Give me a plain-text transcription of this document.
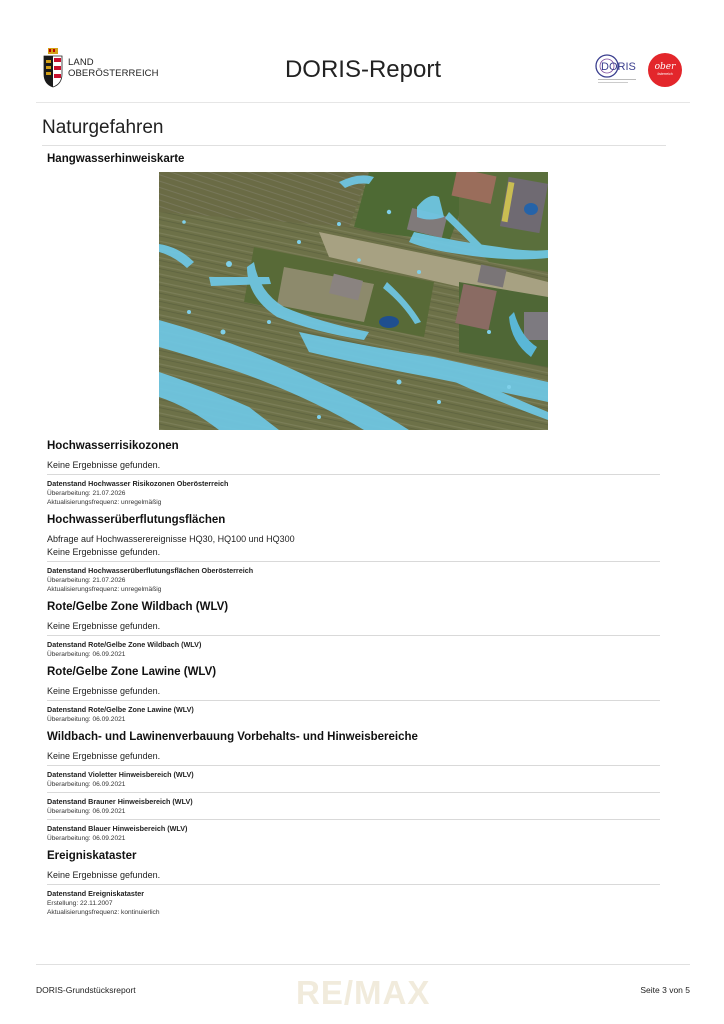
LAND
OBERÖSTERREICH	DORIS-Report	DORIS ober
österreich
Naturgefahren
Hangwasserhinweiskarte
Hochwasserrisikozonen
Keine Ergebnisse gefunden.
Datenstand Hochwasser Risikozonen Oberösterreich
Überarbeitung: 21.07.2026
Aktualisierungsfrequenz: unregelmäßig
Hochwasserüberflutungsflächen
Abfrage auf Hochwasserereignisse HQ30, HQ100 und HQ300
Keine Ergebnisse gefunden.
Datenstand Hochwasserüberflutungsflächen Oberösterreich
Überarbeitung: 21.07.2026
Aktualisierungsfrequenz: unregelmäßig
Rote/Gelbe Zone Wildbach (WLV)
Keine Ergebnisse gefunden.
Datenstand Rote/Gelbe Zone Wildbach (WLV)
Überarbeitung: 06.09.2021
Rote/Gelbe Zone Lawine (WLV)
Keine Ergebnisse gefunden.
Datenstand Rote/Gelbe Zone Lawine (WLV)
Überarbeitung: 06.09.2021
Wildbach- und Lawinenverbauung Vorbehalts- und Hinweisbereiche
Keine Ergebnisse gefunden.
Datenstand Violetter Hinweisbereich (WLV)
Überarbeitung: 06.09.2021
Datenstand Brauner Hinweisbereich (WLV)
Überarbeitung: 06.09.2021
Datenstand Blauer Hinweisbereich (WLV)
Überarbeitung: 06.09.2021
Ereigniskataster
Keine Ergebnisse gefunden.
Datenstand Ereigniskataster
Erstellung: 22.11.2007
Aktualisierungsfrequenz: kontinuierlich
RE/MAX
DORIS-Grundstücksreport	Seite 3 von 5
